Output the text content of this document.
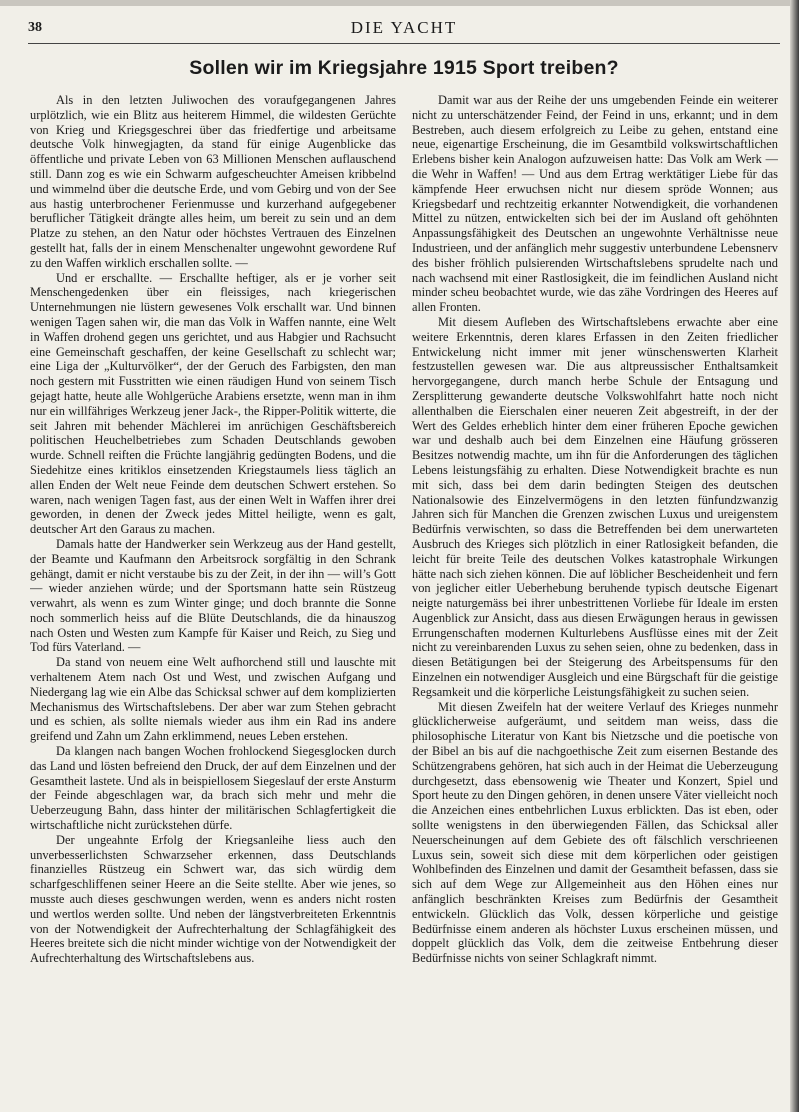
38	DIE YACHT
Sollen wir im Kriegsjahre 1915 Sport treiben?

Als in den letzten Juliwochen des voraufgegangenen Jahres urplötzlich, wie ein Blitz aus heiterem Himmel, die wildesten Gerüchte von Krieg und Kriegsgeschrei über das friedfertige und arbeitsame deutsche Volk hinwegjagten, da stand für einige Augenblicke das öffentliche und private Leben von 63 Millionen Menschen auflauschend still. Dann zog es wie ein Schwarm aufgescheuchter Ameisen kribbelnd und wimmelnd über die deutsche Erde, und vom Gebirg und von der See aus hastig unterbrochener Ferienmusse und kurzerhand aufgegebener beruflicher Tätigkeit drängte alles heim, um bereit zu sein und an dem Platze zu stehen, an den Natur oder höchstes Vertrauen des Einzelnen gestellt hat, falls der in einem Menschenalter ungewohnt gewordene Ruf zu den Waffen wirklich erschallen sollte. —

Und er erschallte. — Erschallte heftiger, als er je vorher seit Menschengedenken über ein fleissiges, nach kriegerischen Unternehmungen nie lüstern gewesenes Volk erschallt war. Und binnen wenigen Tagen sahen wir, die man das Volk in Waffen nannte, eine Welt in Waffen drohend gegen uns gerichtet, und aus Habgier und Rachsucht eine Gemeinschaft geschaffen, der keine Gesellschaft zu schlecht war; eine Liga der „Kulturvölker“, der der Geruch des Farbigsten, den man noch gestern mit Fusstritten wie einen räudigen Hund von seinem Tisch gejagt hatte, heute alle Wohlgerüche Arabiens ersetzte, wenn man in ihm nur ein willfähriges Werkzeug jener Jack-, the Ripper-Politik witterte, die seit Jahren mit behender Mächlerei im anrüchigen Geschäftsbereich politischen Heuchelbetriebes zum Schaden Deutschlands gewoben wurde. Schnell reiften die Früchte langjährig gedüngten Bodens, und die Siedehitze eines kritiklos einsetzenden Kriegstaumels liess täglich an allen Enden der Welt neue Feinde dem deutschen Schwert erstehen. So waren, nach wenigen Tagen fast, aus der einen Welt in Waffen ihrer drei geworden, in denen der Zweck jedes Mittel heiligte, wenn es galt, deutscher Art den Garaus zu machen.

Damals hatte der Handwerker sein Werkzeug aus der Hand gestellt, der Beamte und Kaufmann den Arbeitsrock sorgfältig in den Schrank gehängt, damit er nicht verstaube bis zu der Zeit, in der ihn — will’s Gott — wieder anziehen würde; und der Sportsmann hatte sein Rüstzeug verwahrt, als wenn es zum Winter ginge; und doch brannte die Sonne noch sommerlich heiss auf die Blüte Deutschlands, die da hinauszog nach Osten und Westen zum Kampfe für Kaiser und Reich, zu Sieg und Tod fürs Vaterland. —

Da stand von neuem eine Welt aufhorchend still und lauschte mit verhaltenem Atem nach Ost und West, und zwischen Aufgang und Niedergang lag wie ein Albe das Schicksal schwer auf dem komplizierten Mechanismus des Wirtschaftslebens. Der aber war zum Stehen gebracht und es schien, als sollte niemals wieder aus ihm ein Rad ins andere greifend und Zahn um Zahn erklimmend, neues Leben erstehen.

Da klangen nach bangen Wochen frohlockend Siegesglocken durch das Land und lösten befreiend den Druck, der auf dem Einzelnen und der Gesamtheit lastete. Und als in beispiellosem Siegeslauf der erste Ansturm der Feinde abgeschlagen war, da brach sich mehr und mehr die Ueberzeugung Bahn, dass hinter der militärischen Schlagfertigkeit die wirtschaftliche nicht zurückstehen dürfe.

Der ungeahnte Erfolg der Kriegsanleihe liess auch den unverbesserlichsten Schwarzseher erkennen, dass Deutschlands finanzielles Rüstzeug ein Schwert war, das sich würdig dem scharfgeschliffenen seiner Heere an die Seite stellte. Aber wie jenes, so musste auch dieses geschwungen werden, wenn es anders nicht rosten und wertlos werden sollte. Und neben der längstverbreiteten Erkenntnis von der Notwendigkeit der Aufrechterhaltung der Schlagfähigkeit des Heeres breitete sich die nicht minder wichtige von der Notwendigkeit der Aufrechterhaltung des Wirtschaftslebens aus.

Damit war aus der Reihe der uns umgebenden Feinde ein weiterer nicht zu unterschätzender Feind, der Feind in uns, erkannt; und in dem Bestreben, auch diesem erfolgreich zu Leibe zu gehen, entstand eine neue, eigenartige Erscheinung, die im Gesamtbild volkswirtschaftlichen Erlebens bisher kein Analogon aufzuweisen hatte: Das Volk am Werk — die Wehr in Waffen! — Und aus dem Ertrag werktätiger Liebe für das kämpfende Heer erwuchsen nicht nur diesem spröde Wonnen; aus Kriegsbedarf und rechtzeitig erkannter Notwendigkeit, die vorhandenen Mittel zu nützen, entwickelten sich bei der im Ausland oft gehöhnten Anpassungsfähigkeit des Deutschen an ungewohnte Verhältnisse neue Industrieen, und der anfänglich mehr suggestiv unterbundene Lebensnerv des bisher fröhlich pulsierenden Wirtschaftslebens sprudelte nach und nach wachsend mit einer Rastlosigkeit, die im feindlichen Ausland nicht minder scheu beobachtet wurde, wie das zähe Vordringen des Heeres auf allen Fronten.

Mit diesem Aufleben des Wirtschaftslebens erwachte aber eine weitere Erkenntnis, deren klares Erfassen in den Zeiten friedlicher Entwickelung nicht immer mit jener wünschenswerten Klarheit festzustellen gewesen war. Die aus altpreussischer Enthaltsamkeit hervorgegangene, durch manch herbe Schule der Entsagung und Zersplitterung gewanderte deutsche Volkswohlfahrt hatte noch nicht allenthalben die Eierschalen einer neueren Zeit abgestreift, in der der Wert des Geldes erheblich hinter dem einer früheren Epoche gewichen war und deshalb auch bei dem Einzelnen eine Häufung grösseren Besitzes notwendig machte, um ihn für die Anforderungen des täglichen Lebens leistungsfähig zu erhalten. Diese Notwendigkeit brachte es nun mit sich, dass bei dem darin bedingten Steigen des deutschen Nationalsowie des Einzelvermögens in den letzten fünfundzwanzig Jahren sich für Manchen die Grenzen zwischen Luxus und ureigenstem Bedürfnis verwischten, so dass die Betreffenden bei dem unerwarteten Ausbruch des Krieges sich plötzlich in einer Ratlosigkeit befanden, die leicht für breite Teile des deutschen Volkes katastrophale Wirkungen hätte nach sich ziehen können. Die auf löblicher Bescheidenheit und fern von jeglicher eitler Ueberhebung beruhende typisch deutsche Eigenart neigte naturgemäss bei ihrer unbestrittenen Vorliebe für Ideale im ersten Augenblick zur Ansicht, dass aus diesen Erwägungen heraus in gewissen Errungenschaften modernen Kulturlebens Ausflüsse eines mit der Zeit nicht zu vereinbarenden Luxus zu sehen seien, ohne zu bedenken, dass in diesen Betätigungen bei der Steigerung des Arbeitspensums für den Einzelnen ein notwendiger Ausgleich und eine Bürgschaft für die geistige Regsamkeit und die körperliche Leistungsfähigkeit zu suchen seien.

Mit diesen Zweifeln hat der weitere Verlauf des Krieges nunmehr glücklicherweise aufgeräumt, und seitdem man weiss, dass die philosophische Literatur von Kant bis Nietzsche und die poetische von der Bibel an bis auf die nachgoethische Zeit zum eisernen Bestande des Schützengrabens gehören, hat sich auch in der Heimat die Ueberzeugung durchgesetzt, dass ebensowenig wie Theater und Konzert, Spiel und Sport heute zu den Dingen gehören, in denen unsere Väter vielleicht noch die Anzeichen eines entbehrlichen Luxus erblickten. Das ist eben, oder sollte wenigstens in den überwiegenden Fällen, das Schicksal aller Neuerscheinungen auf dem Gebiete des oft fälschlich verschrieenen Luxus sein, soweit sich diese mit dem körperlichen oder geistigen Wohlbefinden des Einzelnen und damit der Gesamtheit befassen, dass sie sich auf dem Wege zur Allgemeinheit aus den Höhen eines nur anfänglich beschränkten Kreises zum Bedürfnis der Gesamtheit entwickeln. Glücklich das Volk, dessen körperliche und geistige Bedürfnisse einem anderen als höchster Luxus erscheinen müssen, und doppelt glücklich das Volk, dem die zeitweise Entbehrung dieser Bedürfnisse nichts von seiner Schlagkraft nimmt.
